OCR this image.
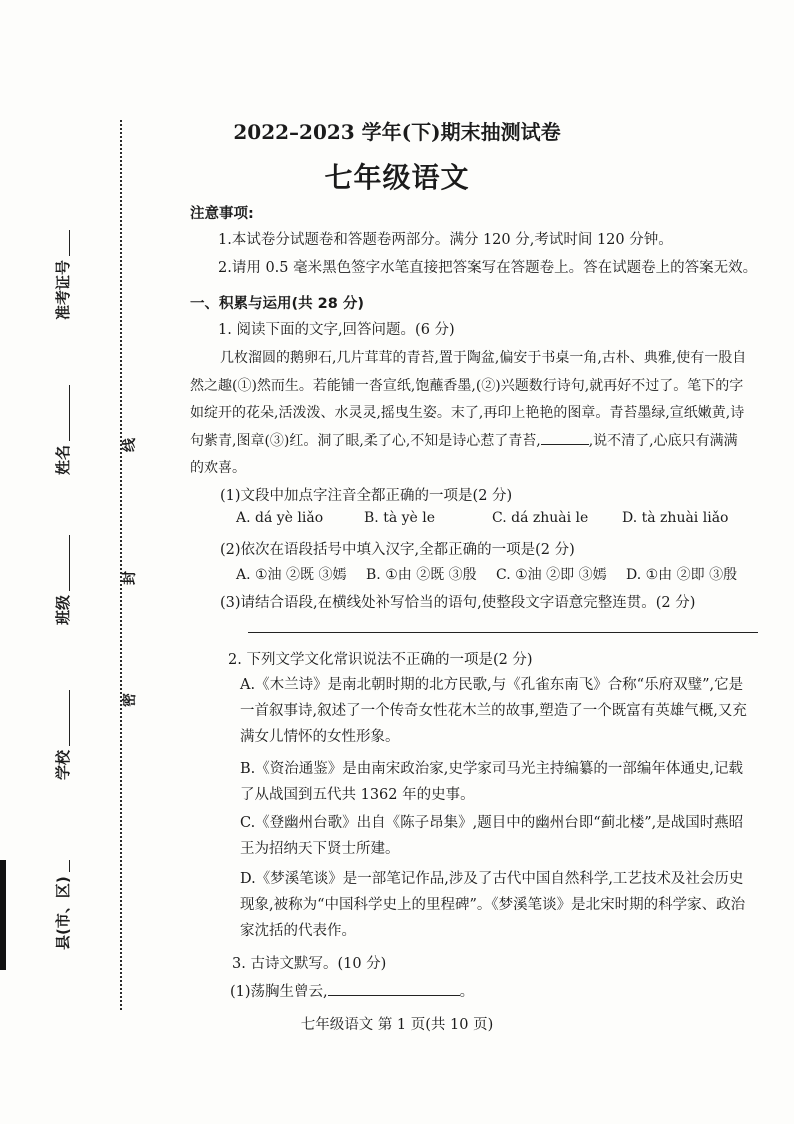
线
封
密
准考证号
姓名
班级
学校
县(市、区)
2022–2023 学年(下)期末抽测试卷
七年级语文
注意事项:
1.本试卷分试题卷和答题卷两部分。满分 120 分,考试时间 120 分钟。
2.请用 0.5 毫米黑色签字水笔直接把答案写在答题卷上。答在试题卷上的答案无效。
一、积累与运用(共 28 分)
1. 阅读下面的文字,回答问题。(6 分)
几枚溜圆的鹅卵石,几片茸茸的青苔,置于陶盆,偏安于书桌一角,古朴、典雅,使有一股自然之趣(①)然而生。若能铺一沓宣纸,饱蘸香墨,(②)兴题数行诗句,就再好不过了。笔下的字如绽开的花朵,活泼泼、水灵灵,摇曳生姿。末了,再印上艳艳的图章。青苔墨绿,宣纸嫩黄,诗句紫青,图章(③)红。洞了眼,柔了心,不知是诗心惹了青苔,	,说不清了,心底只有满满的欢喜。
(1)文段中加点字注音全都正确的一项是(2 分)
A. dá yè liǎo	B. tà yè le	C. dá zhuài le	D. tà zhuài liǎo
(2)依次在语段括号中填入汉字,全都正确的一项是(2 分)
A. ①油 ②既 ③嫣	B. ①由 ②既 ③殷	C. ①油 ②即 ③嫣	D. ①由 ②即 ③殷
(3)请结合语段,在横线处补写恰当的语句,使整段文字语意完整连贯。(2 分)
2. 下列文学文化常识说法不正确的一项是(2 分)
A.《木兰诗》是南北朝时期的北方民歌,与《孔雀东南飞》合称“乐府双璧”,它是一首叙事诗,叙述了一个传奇女性花木兰的故事,塑造了一个既富有英雄气概,又充满女儿情怀的女性形象。
B.《资治通鉴》是由南宋政治家,史学家司马光主持编纂的一部编年体通史,记载了从战国到五代共 1362 年的史事。
C.《登幽州台歌》出自《陈子昂集》,题目中的幽州台即“蓟北楼”,是战国时燕昭王为招纳天下贤士所建。
D.《梦溪笔谈》是一部笔记作品,涉及了古代中国自然科学,工艺技术及社会历史现象,被称为“中国科学史上的里程碑”。《梦溪笔谈》是北宋时期的科学家、政治家沈括的代表作。
3. 古诗文默写。(10 分)
(1)荡胸生曾云,	。
七年级语文 第 1 页(共 10 页)
